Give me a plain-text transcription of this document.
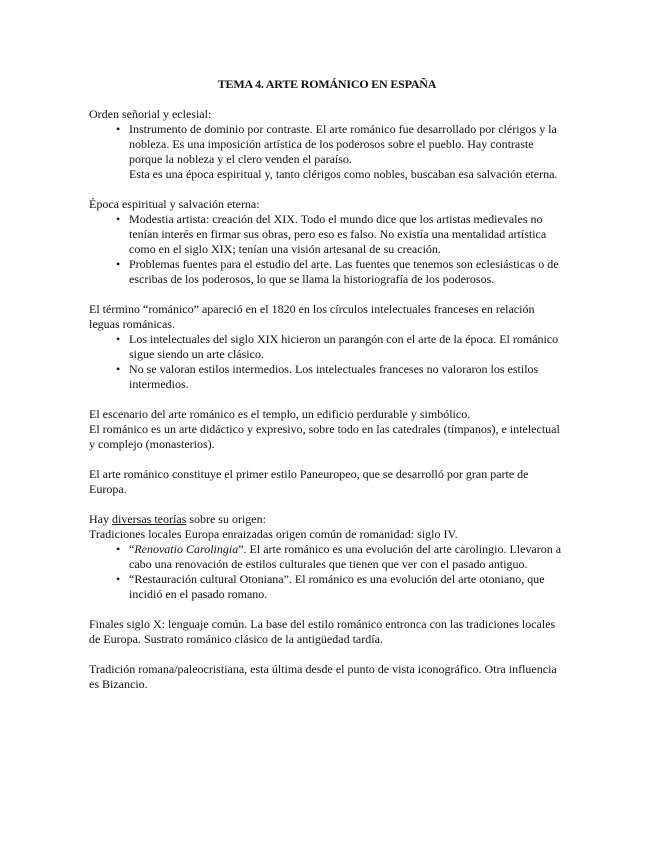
TEMA 4. ARTE ROMÁNICO EN ESPAÑA

Orden señorial y eclesial:

• Instrumento de dominio por contraste. El arte románico fue desarrollado por clérigos y la nobleza. Es una imposición artística de los poderosos sobre el pueblo. Hay contraste porque la nobleza y el clero venden el paraíso.
Esta es una época espiritual y, tanto clérigos como nobles, buscaban esa salvación eterna.

Época espiritual y salvación eterna:

• Modestia artista: creación del XIX. Todo el mundo dice que los artistas medievales no tenían interés en firmar sus obras, pero eso es falso. No existía una mentalidad artística como en el siglo XIX; tenían una visión artesanal de su creación.
• Problemas fuentes para el estudio del arte. Las fuentes que tenemos son eclesiásticas o de escribas de los poderosos, lo que se llama la historiografía de los poderosos.

El término “románico” apareció en el 1820 en los círculos intelectuales franceses en relación leguas románicas.

• Los intelectuales del siglo XIX hicieron un parangón con el arte de la época. El románico sigue siendo un arte clásico.
• No se valoran estilos intermedios. Los intelectuales franceses no valoraron los estilos intermedios.

El escenario del arte románico es el templo, un edificio perdurable y simbólico.

El románico es un arte didáctico y expresivo, sobre todo en las catedrales (tímpanos), e intelectual y complejo (monasterios).

El arte románico constituye el primer estilo Paneuropeo, que se desarrolló por gran parte de Europa.

Hay diversas teorías sobre su origen:

Tradiciones locales Europa enraizadas origen común de romanidad: siglo IV.

• “Renovatio Carolingia”. El arte románico es una evolución del arte carolingio. Llevaron a cabo una renovación de estilos culturales que tienen que ver con el pasado antiguo.
• “Restauración cultural Otoniana”. El románico es una evolución del arte otoniano, que incidió en el pasado romano.

Finales siglo X: lenguaje común. La base del estilo románico entronca con las tradiciones locales de Europa. Sustrato románico clásico de la antigüedad tardía.

Tradición romana/paleocristiana, esta última desde el punto de vista iconográfico. Otra influencia es Bizancio.
